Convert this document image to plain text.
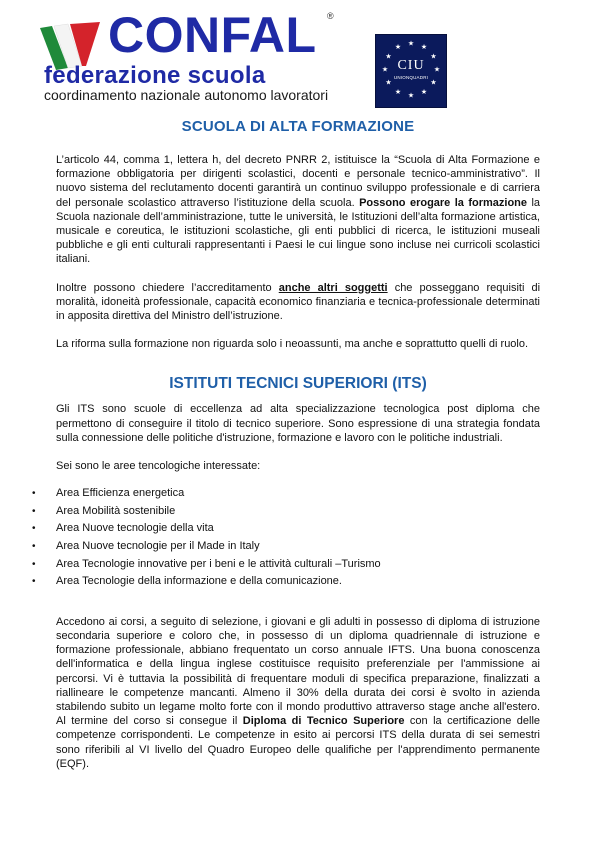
CONFAL ®
federazione scuola
coordinamento nazionale autonomo lavoratori
★ ★
★
★
★
★
★
★
★
★
★
★
CIU
UNIONQUADRI
SCUOLA DI ALTA FORMAZIONE

L’articolo 44, comma 1, lettera h, del decreto PNRR 2, istituisce la “Scuola di Alta Formazione e formazione obbligatoria per dirigenti scolastici, docenti e personale tecnico-amministrativo”. Il nuovo sistema del reclutamento docenti garantirà un continuo sviluppo professionale e di carriera del personale scolastico attraverso l’istituzione della scuola. Possono erogare la formazione la Scuola nazionale dell’amministrazione, tutte le università, le Istituzioni dell’alta formazione artistica, musicale e coreutica, le istituzioni scolastiche, gli enti pubblici di ricerca, le istituzioni museali pubbliche e gli enti culturali rappresentanti i Paesi le cui lingue sono incluse nei curricoli scolastici italiani.

Inoltre possono chiedere l’accreditamento anche altri soggetti che posseggano requisiti di moralità, idoneità professionale, capacità economico finanziaria e tecnica-professionale determinati in apposita direttiva del Ministro dell’istruzione.

La riforma sulla formazione non riguarda solo i neoassunti, ma anche e soprattutto quelli di ruolo.

ISTITUTI TECNICI SUPERIORI (ITS)

Gli ITS sono scuole di eccellenza ad alta specializzazione tecnologica post diploma che permettono di conseguire il titolo di tecnico superiore. Sono espressione di una strategia fondata sulla connessione delle politiche d'istruzione, formazione e lavoro con le politiche industriali.

Sei sono le aree tencologiche interessate:

• Area Efficienza energetica
• Area Mobilità sostenibile
• Area Nuove tecnologie della vita
• Area Nuove tecnologie per il Made in Italy
• Area Tecnologie innovative per i beni e le attività culturali –Turismo
• Area Tecnologie della informazione e della comunicazione.

Accedono ai corsi, a seguito di selezione, i giovani e gli adulti in possesso di diploma di istruzione secondaria superiore e coloro che, in possesso di un diploma quadriennale di istruzione e formazione professionale, abbiano frequentato un corso annuale IFTS. Una buona conoscenza dell'informatica e della lingua inglese costituisce requisito preferenziale per l'ammissione ai percorsi. Vi è tuttavia la possibilità di frequentare moduli di specifica preparazione, finalizzati a riallineare le competenze mancanti. Almeno il 30% della durata dei corsi è svolto in azienda stabilendo subito un legame molto forte con il mondo produttivo attraverso stage anche all'estero. Al termine del corso si consegue il Diploma di Tecnico Superiore con la certificazione delle competenze corrispondenti. Le competenze in esito ai percorsi ITS della durata di sei semestri sono riferibili al VI livello del Quadro Europeo delle qualifiche per l'apprendimento permanente (EQF).
